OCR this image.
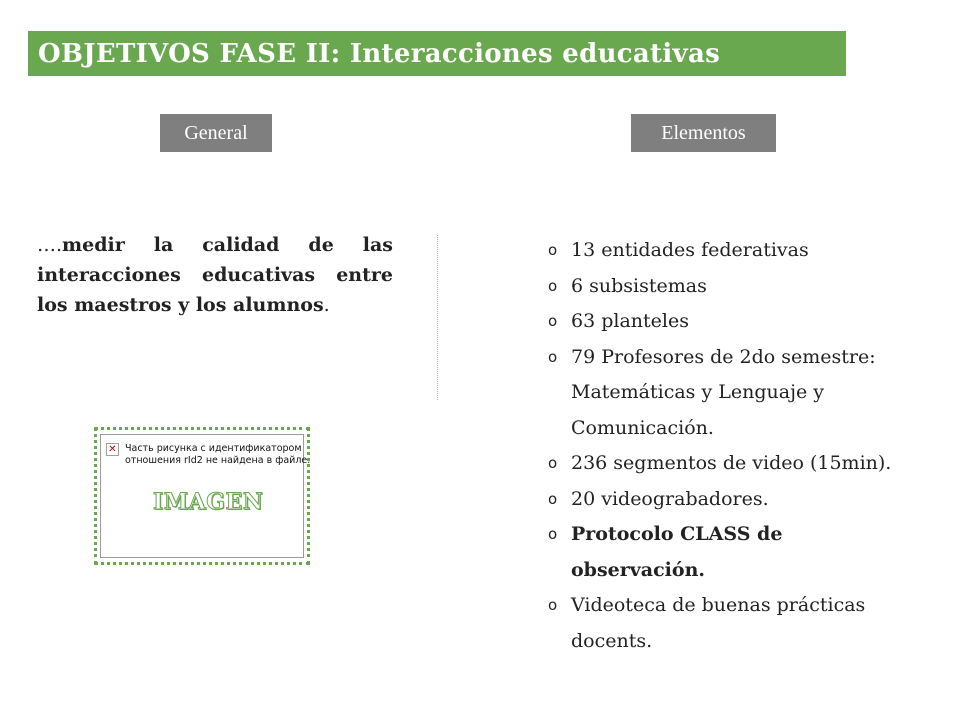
OBJETIVOS FASE II: Interacciones educativas
General	Elementos
….medir la calidad de las interacciones educativas entre los maestros y los alumnos.
✕ Часть рисунка с идентификатором отношения rId2 не найдена в файле.
IMAGEN
o 13 entidades federativas
o 6 subsistemas
o 63 planteles
o 79 Profesores de 2do semestre: Matemáticas y Lenguaje y Comunicación.
o 236 segmentos de video (15min).
o 20 videograbadores.
o Protocolo CLASS de observación.
o Videoteca de buenas prácticas docents.
